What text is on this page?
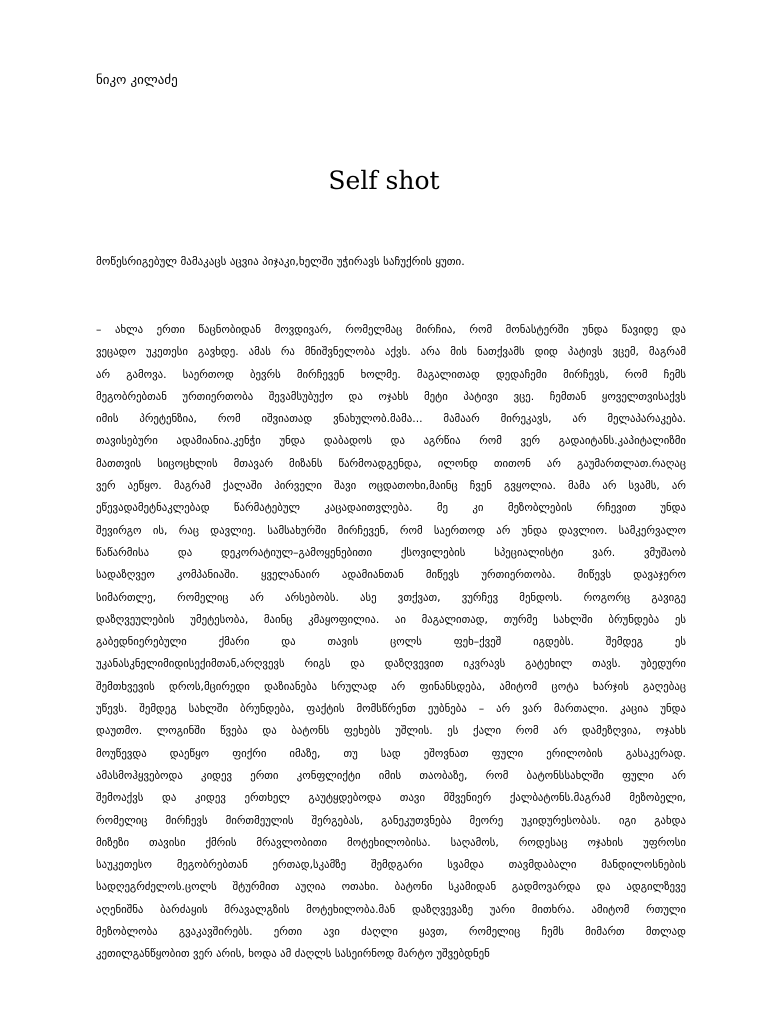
ნიკო კილაძე
Self shot
მოწესრიგებულ მამაკაცს აცვია პიჯაკი,ხელში უჭირავს საჩუქრის ყუთი.
– ახლა ერთი წაცნობიდან მოვდივარ, რომელმაც მირჩია, რომ მონასტერში უნდა წავიდე და
ვეცადო უკეთესი გავხდე. ამას რა მნიშვნელობა აქვს. არა მის ნათქვამს დიდ პატივს ვცემ, მაგრამ
არ გამოვა. საერთოდ ბევრს მირჩევენ ხოლმე. მაგალითად დედაჩემი მირჩევს, რომ ჩემს
მეგობრებთან ურთიერთობა შევამსუბუქო და ოჯახს მეტი პატივი ვცე. ჩემთან ყოველთვისაქვს
იმის პრეტენზია, რომ იშვიათად ვნახულობ.მამა... მამაარ მირეკავს, არ მელაპარაკება.
თავისებური ადამიანია.კენჭი უნდა დაბადოს და აგრწია რომ ვერ გადაიტანს.კაპიტალიზმი
მათთვის სიცოცხლის მთავარ მიზანს წარმოადგენდა, ილონდ თითონ არ გაუმართლათ.რაღაც
ვერ აეწყო. მაგრამ ქალაში პირველი შავი ოცდათოხი,მაინც ჩვენ გვყოლია. მამა არ სვამს, არ
ეწევადამეტნაკლებად წარმატებულ კაცადაითვლება. მე კი მეზობლების რჩევით უნდა
შევირგო ის, რაც დავლიე. სამსახურში მირჩევენ, რომ საერთოდ არ უნდა დავლიო. სამკერვალო
წაწარმისა და დეკორატიულ–გამოყენებითი ქსოვილების სპეციალისტი ვარ. ვმუშაობ
სადაზღვეო კომპანიაში. ყველანაირ ადამიანთან მიწევს ურთიერთობა. მიწევს დავაჯერო
სიმართლე, რომელიც არ არსებობს. ასე ვთქვათ, ვურჩევ მენდოს. როგორც გავიგე
დაზღვეულების უმეტესობა, მაინც კმაყოფილია. აი მაგალითად, თურმე სახლში ბრუნდება ეს
გაბედნიერებული ქმარი და თავის ცოლს ფეხ–ქვეშ იგდებს. შემდეგ ეს
უკანასკნელიმიდისექიმთან,არღვევს რიგს და დაზღვევით იკვრავს გატეხილ თავს. უბედური
შემთხვევის დროს,მცირედი დაზიანება სრულად არ ფინანსდება, ამიტომ ცოტა ხარჯის გაღებაც
უწევს. შემდეგ სახლში ბრუნდება, ფაქტის მომსწრენთ ეუბნება – არ ვარ მართალი. კაცია უნდა
დაუთმო. ლოგინში წვება და ბატონს ფეხებს უშლის. ეს ქალი რომ არ დამეზღვია, ოჯახს
მოუწევდა დაეწყო ფიქრი იმაზე, თუ სად ეშოვნათ ფული ერილობის გასაკერად.
ამასმოჰყვებოდა კიდევ ერთი კონფლიქტი იმის თაობაზე, რომ ბატონსსახლში ფული არ
შემოაქვს და კიდევ ერთხელ გაუტყდებოდა თავი მშვენიერ ქალბატონს.მაგრამ მეზობელი,
რომელიც მირჩევს მირთმეულის შერგებას, განეკუთვნება მეორე უკიდურესობას. იგი გახდა
მიზეზი თავისი ქმრის მრავლობითი მოტეხილობისა. საღამოს, როდესაც ოჯახის უფროსი
საუკეთესო მეგობრებთან ერთად,სკამზე შემდგარი სვამდა თავმდაბალი მანდილოსნების
სადღეგრძელოს.ცოლს შტურმით აუღია ოთახი. ბატონი სკამიდან გადმოვარდა და ადგილზევე
აღენიშნა ბარძაყის მრავალგზის მოტეხილობა.მან დაზღვევაზე უარი მითხრა. ამიტომ რთული
მეზობლობა გვაკავშირებს. ერთი ავი ძაღლი ყავთ, რომელიც ჩემს მიმართ მთლად
კეთილგანწყობით ვერ არის, ხოდა ამ ძაღლს სასეირნოდ მარტო უშვებდნენ
